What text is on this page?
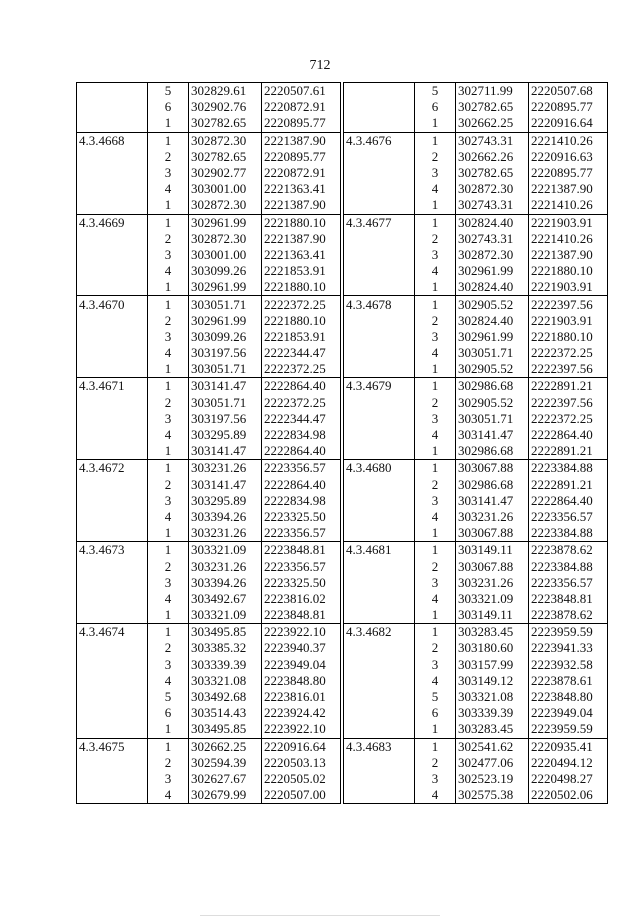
712
	5	302829.61	2220507.61
	6	302902.76	2220872.91
	1	302782.65	2220895.77
4.3.4668	1	302872.30	2221387.90
	2	302782.65	2220895.77
	3	302902.77	2220872.91
	4	303001.00	2221363.41
	1	302872.30	2221387.90
4.3.4669	1	302961.99	2221880.10
	2	302872.30	2221387.90
	3	303001.00	2221363.41
	4	303099.26	2221853.91
	1	302961.99	2221880.10
4.3.4670	1	303051.71	2222372.25
	2	302961.99	2221880.10
	3	303099.26	2221853.91
	4	303197.56	2222344.47
	1	303051.71	2222372.25
4.3.4671	1	303141.47	2222864.40
	2	303051.71	2222372.25
	3	303197.56	2222344.47
	4	303295.89	2222834.98
	1	303141.47	2222864.40
4.3.4672	1	303231.26	2223356.57
	2	303141.47	2222864.40
	3	303295.89	2222834.98
	4	303394.26	2223325.50
	1	303231.26	2223356.57
4.3.4673	1	303321.09	2223848.81
	2	303231.26	2223356.57
	3	303394.26	2223325.50
	4	303492.67	2223816.02
	1	303321.09	2223848.81
4.3.4674	1	303495.85	2223922.10
	2	303385.32	2223940.37
	3	303339.39	2223949.04
	4	303321.08	2223848.80
	5	303492.68	2223816.01
	6	303514.43	2223924.42
	1	303495.85	2223922.10
4.3.4675	1	302662.25	2220916.64
	2	302594.39	2220503.13
	3	302627.67	2220505.02
	4	302679.99	2220507.00
	5	302711.99	2220507.68
	6	302782.65	2220895.77
	1	302662.25	2220916.64
4.3.4676	1	302743.31	2221410.26
	2	302662.26	2220916.63
	3	302782.65	2220895.77
	4	302872.30	2221387.90
	1	302743.31	2221410.26
4.3.4677	1	302824.40	2221903.91
	2	302743.31	2221410.26
	3	302872.30	2221387.90
	4	302961.99	2221880.10
	1	302824.40	2221903.91
4.3.4678	1	302905.52	2222397.56
	2	302824.40	2221903.91
	3	302961.99	2221880.10
	4	303051.71	2222372.25
	1	302905.52	2222397.56
4.3.4679	1	302986.68	2222891.21
	2	302905.52	2222397.56
	3	303051.71	2222372.25
	4	303141.47	2222864.40
	1	302986.68	2222891.21
4.3.4680	1	303067.88	2223384.88
	2	302986.68	2222891.21
	3	303141.47	2222864.40
	4	303231.26	2223356.57
	1	303067.88	2223384.88
4.3.4681	1	303149.11	2223878.62
	2	303067.88	2223384.88
	3	303231.26	2223356.57
	4	303321.09	2223848.81
	1	303149.11	2223878.62
4.3.4682	1	303283.45	2223959.59
	2	303180.60	2223941.33
	3	303157.99	2223932.58
	4	303149.12	2223878.61
	5	303321.08	2223848.80
	6	303339.39	2223949.04
	1	303283.45	2223959.59
4.3.4683	1	302541.62	2220935.41
	2	302477.06	2220494.12
	3	302523.19	2220498.27
	4	302575.38	2220502.06
